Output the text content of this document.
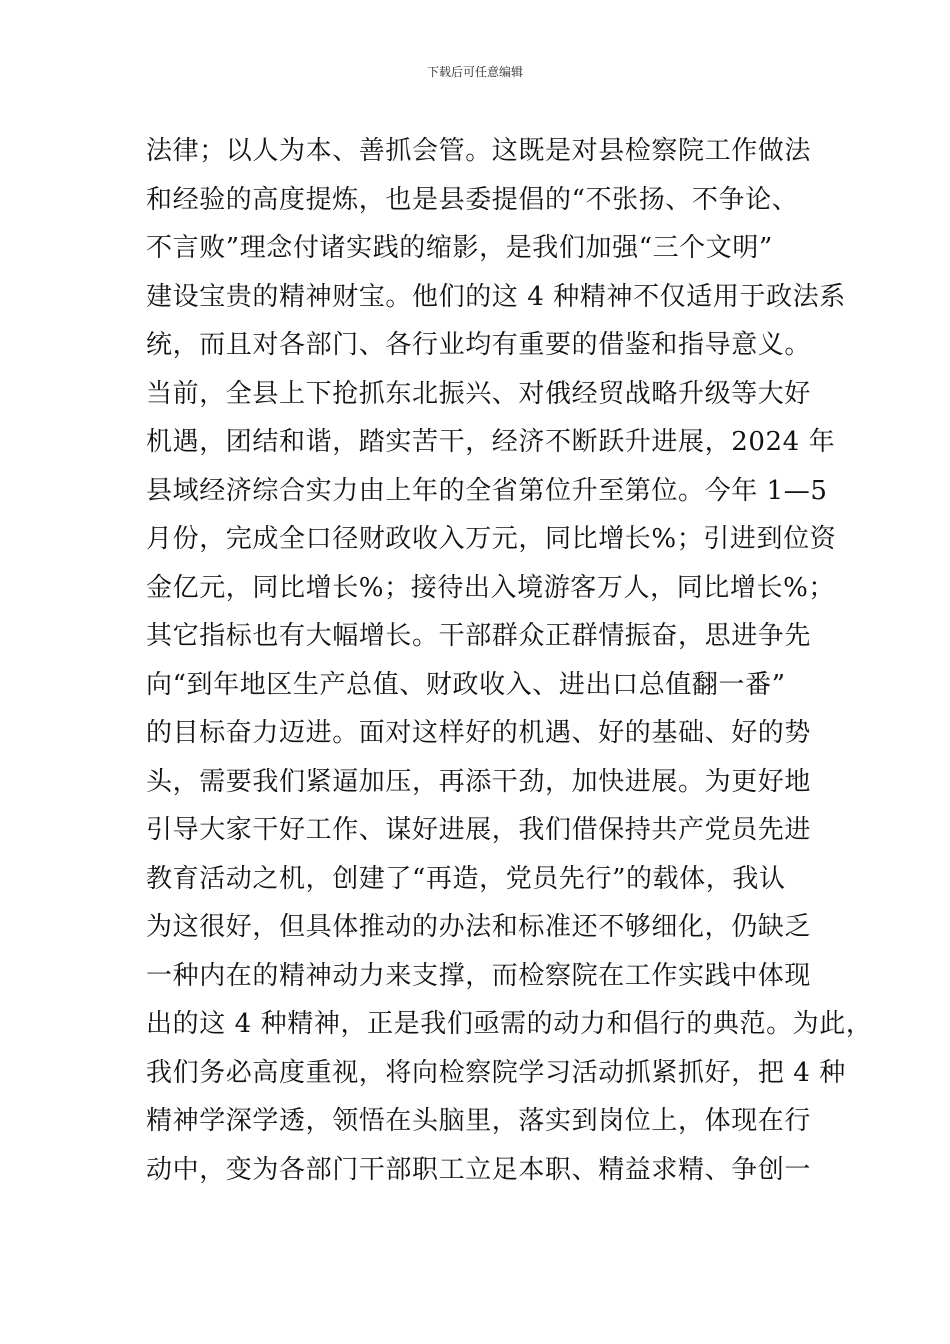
下载后可任意编辑
法律；以人为本、善抓会管。这既是对县检察院工作做法
和经验的高度提炼，也是县委提倡的“不张扬、不争论、
不言败”理念付诸实践的缩影，是我们加强“三个文明”
建设宝贵的精神财宝。他们的这 4 种精神不仅适用于政法系
统，而且对各部门、各行业均有重要的借鉴和指导意义。
当前，全县上下抢抓东北振兴、对俄经贸战略升级等大好
机遇，团结和谐，踏实苦干，经济不断跃升进展，2024 年
县域经济综合实力由上年的全省第位升至第位。今年 1—5
月份，完成全口径财政收入万元，同比增长%；引进到位资
金亿元，同比增长%；接待出入境游客万人，同比增长%；
其它指标也有大幅增长。干部群众正群情振奋，思进争先
向“到年地区生产总值、财政收入、进出口总值翻一番”
的目标奋力迈进。面对这样好的机遇、好的基础、好的势
头，需要我们紧逼加压，再添干劲，加快进展。为更好地
引导大家干好工作、谋好进展，我们借保持共产党员先进
教育活动之机，创建了“再造，党员先行”的载体，我认
为这很好，但具体推动的办法和标准还不够细化，仍缺乏
一种内在的精神动力来支撑，而检察院在工作实践中体现
出的这 4 种精神，正是我们亟需的动力和倡行的典范。为此，
我们务必高度重视，将向检察院学习活动抓紧抓好，把 4 种
精神学深学透，领悟在头脑里，落实到岗位上，体现在行
动中，变为各部门干部职工立足本职、精益求精、争创一
